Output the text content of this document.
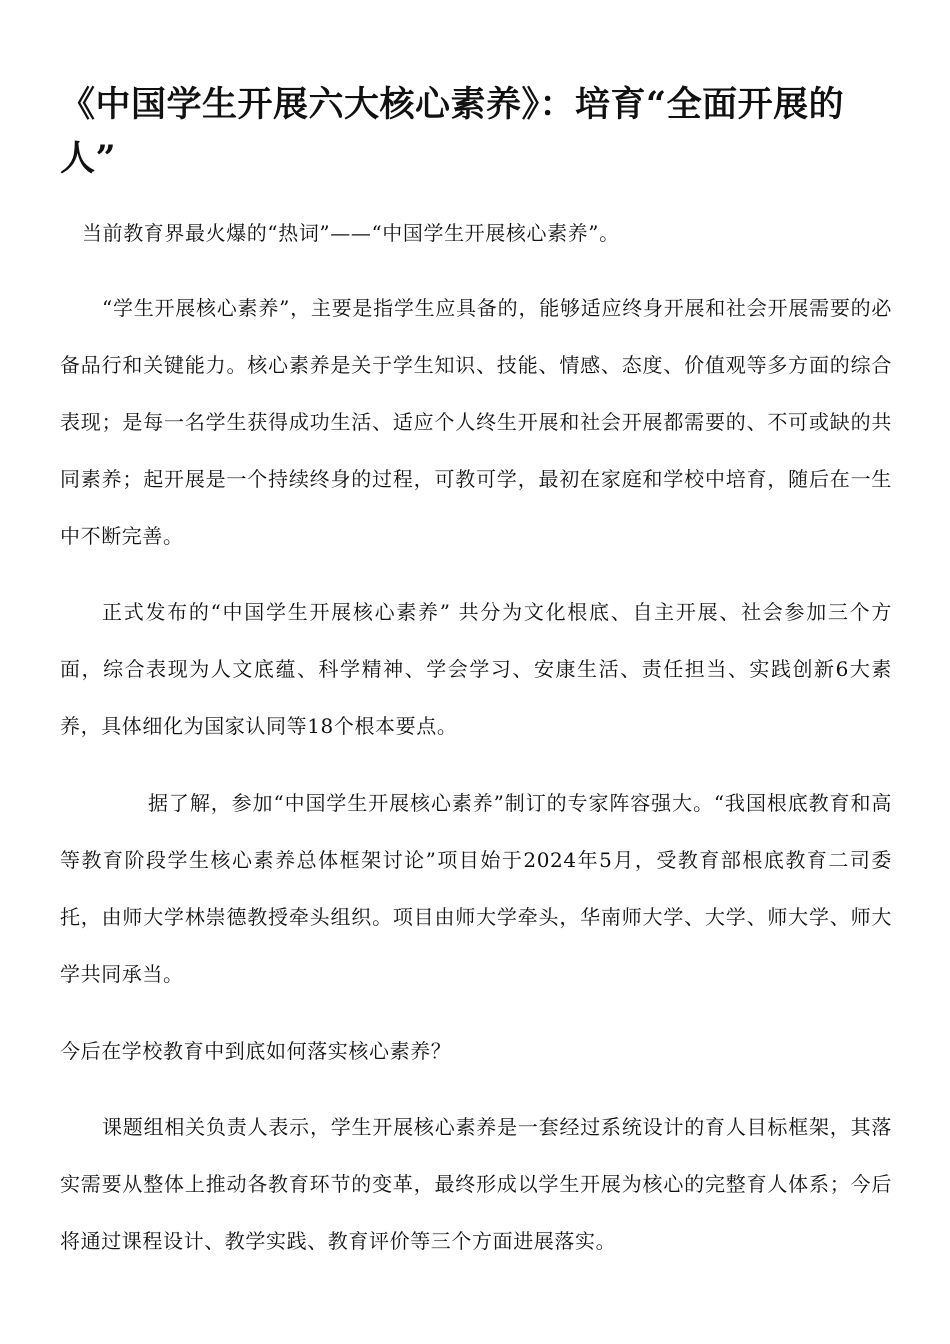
《中国学生开展六大核心素养》：培育“全面开展的人”

当前教育界最火爆的“热词”——“中国学生开展核心素养”。

“学生开展核心素养”，主要是指学生应具备的，能够适应终身开展和社会开展需要的必备品行和关键能力。核心素养是关于学生知识、技能、情感、态度、价值观等多方面的综合表现；是每一名学生获得成功生活、适应个人终生开展和社会开展都需要的、不可或缺的共同素养；起开展是一个持续终身的过程，可教可学，最初在家庭和学校中培育，随后在一生中不断完善。

正式发布的“中国学生开展核心素养” 共分为文化根底、自主开展、社会参加三个方面，综合表现为人文底蕴、科学精神、学会学习、安康生活、责任担当、实践创新6大素养，具体细化为国家认同等18个根本要点。

据了解，参加“中国学生开展核心素养”制订的专家阵容强大。“我国根底教育和高等教育阶段学生核心素养总体框架讨论”项目始于2024年5月，受教育部根底教育二司委托，由师大学林崇德教授牵头组织。项目由师大学牵头，华南师大学、大学、师大学、师大学共同承当。

今后在学校教育中到底如何落实核心素养？

课题组相关负责人表示，学生开展核心素养是一套经过系统设计的育人目标框架，其落实需要从整体上推动各教育环节的变革，最终形成以学生开展为核心的完整育人体系；今后将通过课程设计、教学实践、教育评价等三个方面进展落实。
